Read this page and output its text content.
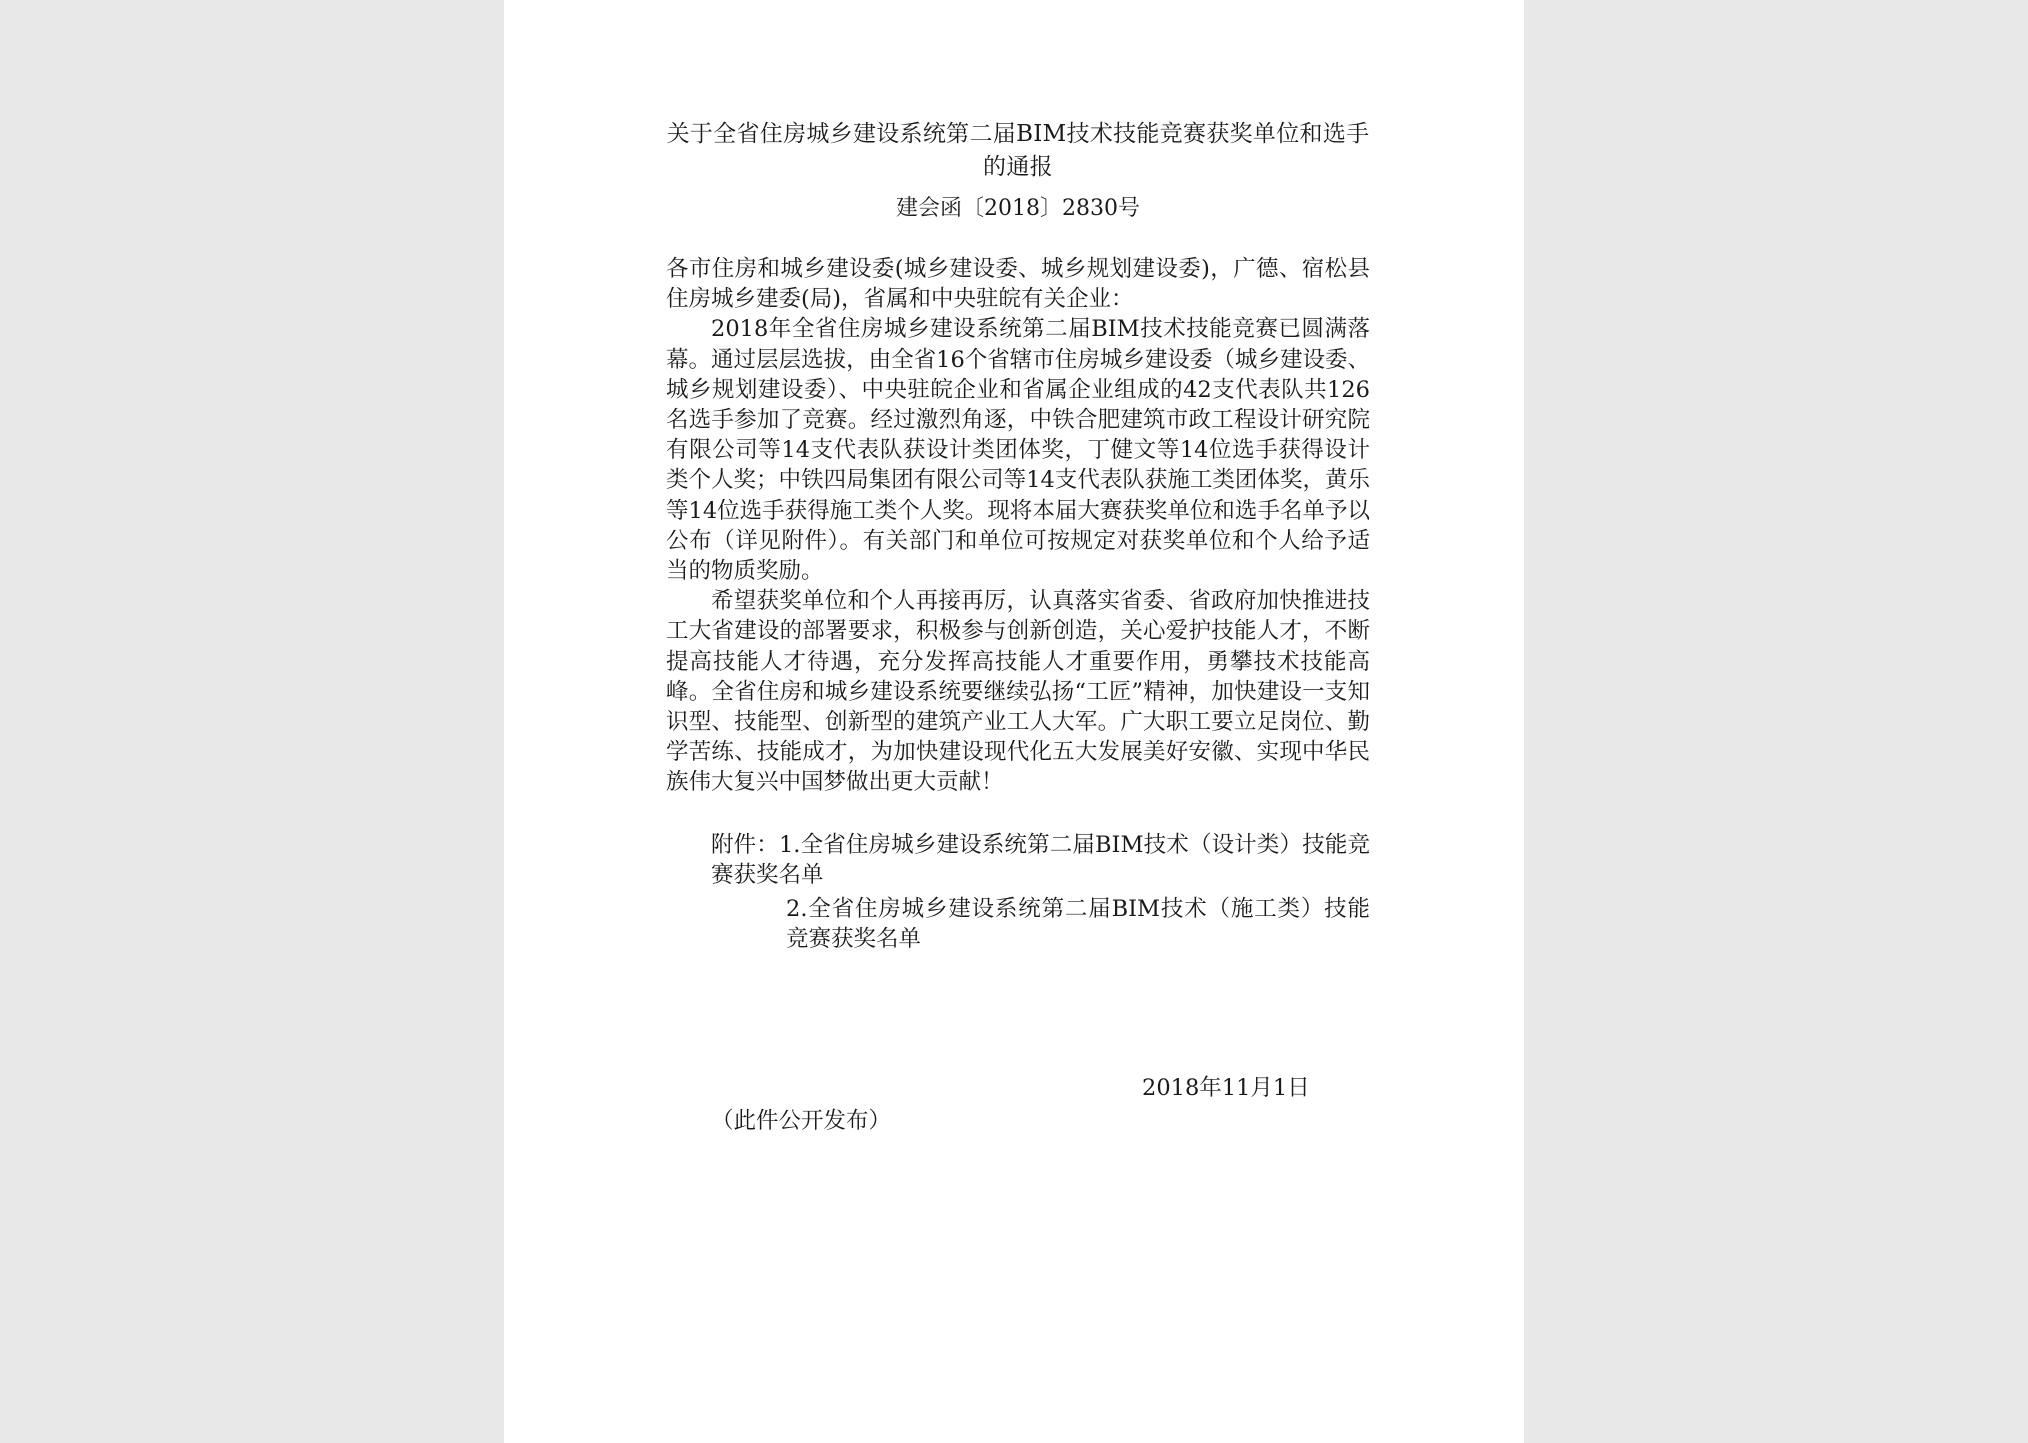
关于全省住房城乡建设系统第二届BIM技术技能竞赛获奖单位和选手的通报
建会函〔2018〕2830号

各市住房和城乡建设委(城乡建设委、城乡规划建设委)，广德、宿松县住房城乡建委(局)，省属和中央驻皖有关企业：

2018年全省住房城乡建设系统第二届BIM技术技能竞赛已圆满落幕。通过层层选拔，由全省16个省辖市住房城乡建设委（城乡建设委、城乡规划建设委）、中央驻皖企业和省属企业组成的42支代表队共126名选手参加了竞赛。经过激烈角逐，中铁合肥建筑市政工程设计研究院有限公司等14支代表队获设计类团体奖，丁健文等14位选手获得设计类个人奖；中铁四局集团有限公司等14支代表队获施工类团体奖，黄乐等14位选手获得施工类个人奖。现将本届大赛获奖单位和选手名单予以公布（详见附件）。有关部门和单位可按规定对获奖单位和个人给予适当的物质奖励。

希望获奖单位和个人再接再厉，认真落实省委、省政府加快推进技工大省建设的部署要求，积极参与创新创造，关心爱护技能人才，不断提高技能人才待遇，充分发挥高技能人才重要作用，勇攀技术技能高峰。全省住房和城乡建设系统要继续弘扬“工匠”精神，加快建设一支知识型、技能型、创新型的建筑产业工人大军。广大职工要立足岗位、勤学苦练、技能成才，为加快建设现代化五大发展美好安徽、实现中华民族伟大复兴中国梦做出更大贡献！

附件：1.全省住房城乡建设系统第二届BIM技术（设计类）技能竞赛获奖名单

2.全省住房城乡建设系统第二届BIM技术（施工类）技能竞赛获奖名单

2018年11月1日
（此件公开发布）
